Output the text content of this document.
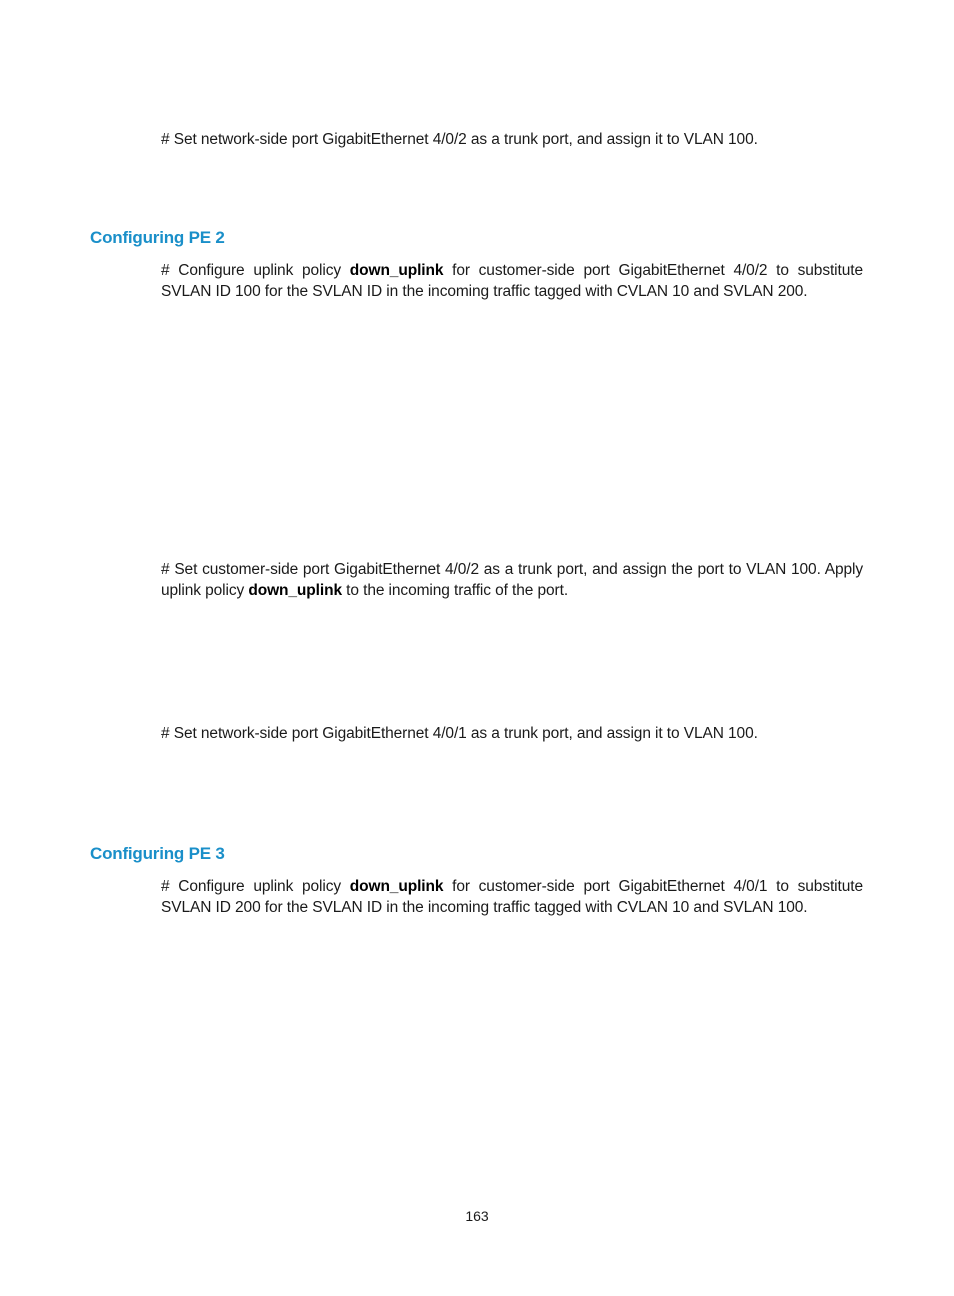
# Set network-side port GigabitEthernet 4/0/2 as a trunk port, and assign it to VLAN 100.

Configuring PE 2

# Configure uplink policy down_uplink for customer-side port GigabitEthernet 4/0/2 to substitute SVLAN ID 100 for the SVLAN ID in the incoming traffic tagged with CVLAN 10 and SVLAN 200.

# Set customer-side port GigabitEthernet 4/0/2 as a trunk port, and assign the port to VLAN 100. Apply uplink policy down_uplink to the incoming traffic of the port.

# Set network-side port GigabitEthernet 4/0/1 as a trunk port, and assign it to VLAN 100.

Configuring PE 3

# Configure uplink policy down_uplink for customer-side port GigabitEthernet 4/0/1 to substitute SVLAN ID 200 for the SVLAN ID in the incoming traffic tagged with CVLAN 10 and SVLAN 100.

163
